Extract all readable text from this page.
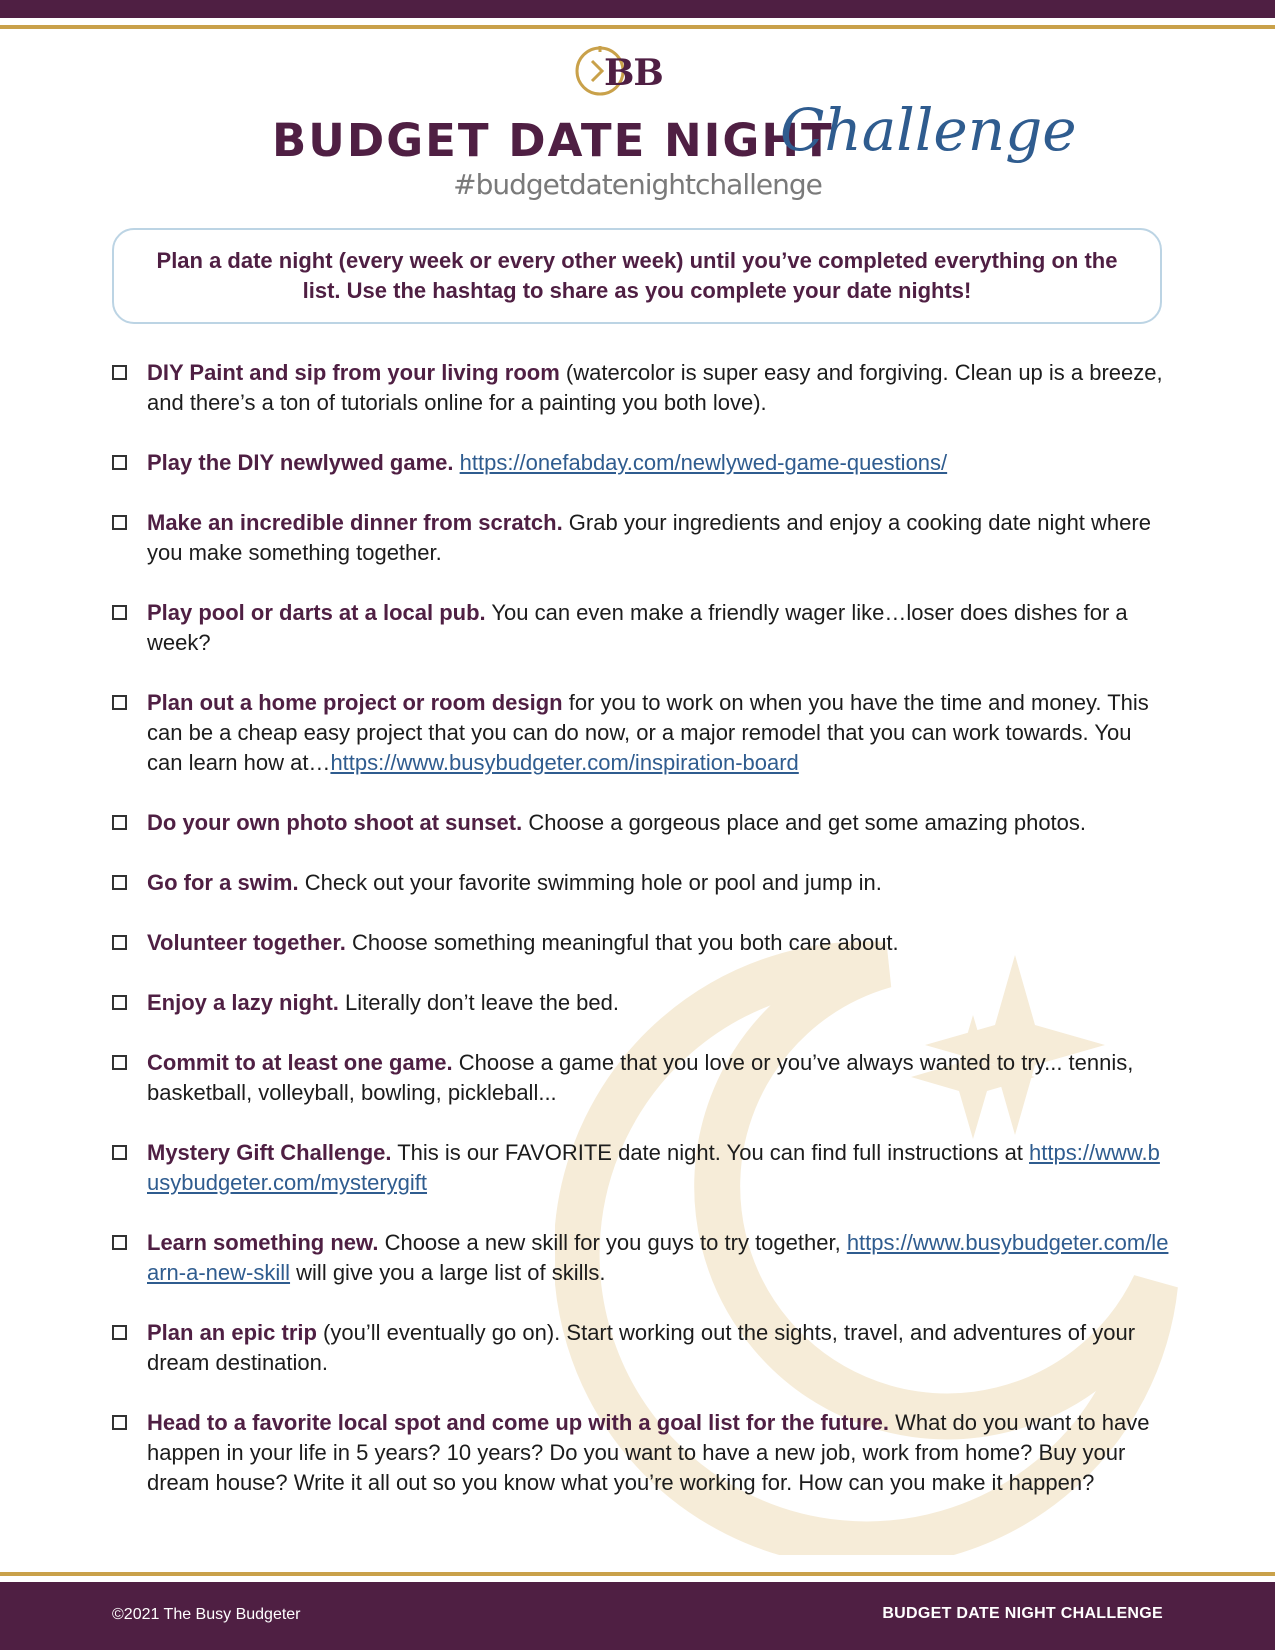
BB
BUDGET DATE NIGHT
Challenge
#budgetdatenightchallenge
Plan a date night (every week or every other week) until you’ve completed everything on the list. Use the hashtag to share as you complete your date nights!
DIY Paint and sip from your living room (watercolor is super easy and forgiving. Clean up is a breeze, and there’s a ton of tutorials online for a painting you both love).
Play the DIY newlywed game. https://onefabday.com/newlywed-game-questions/
Make an incredible dinner from scratch. Grab your ingredients and enjoy a cooking date night where you make something together.
Play pool or darts at a local pub. You can even make a friendly wager like…loser does dishes for a week?
Plan out a home project or room design for you to work on when you have the time and money. This can be a cheap easy project that you can do now, or a major remodel that you can work towards. You can learn how at…https://www.busybudgeter.com/inspiration-board
Do your own photo shoot at sunset. Choose a gorgeous place and get some amazing photos.
Go for a swim. Check out your favorite swimming hole or pool and jump in.
Volunteer together. Choose something meaningful that you both care about.
Enjoy a lazy night. Literally don’t leave the bed.
Commit to at least one game. Choose a game that you love or you’ve always wanted to try... tennis, basketball, volleyball, bowling, pickleball...
Mystery Gift Challenge. This is our FAVORITE date night. You can find full instructions at https://www.busybudgeter.com/mysterygift
Learn something new. Choose a new skill for you guys to try together, https://www.busybudgeter.com/learn-a-new-skill will give you a large list of skills.
Plan an epic trip (you’ll eventually go on). Start working out the sights, travel, and adventures of your dream destination.
Head to a favorite local spot and come up with a goal list for the future. What do you want to have happen in your life in 5 years? 10 years? Do you want to have a new job, work from home? Buy your dream house? Write it all out so you know what you’re working for. How can you make it happen?
©2021 The Busy Budgeter	BUDGET DATE NIGHT CHALLENGE
